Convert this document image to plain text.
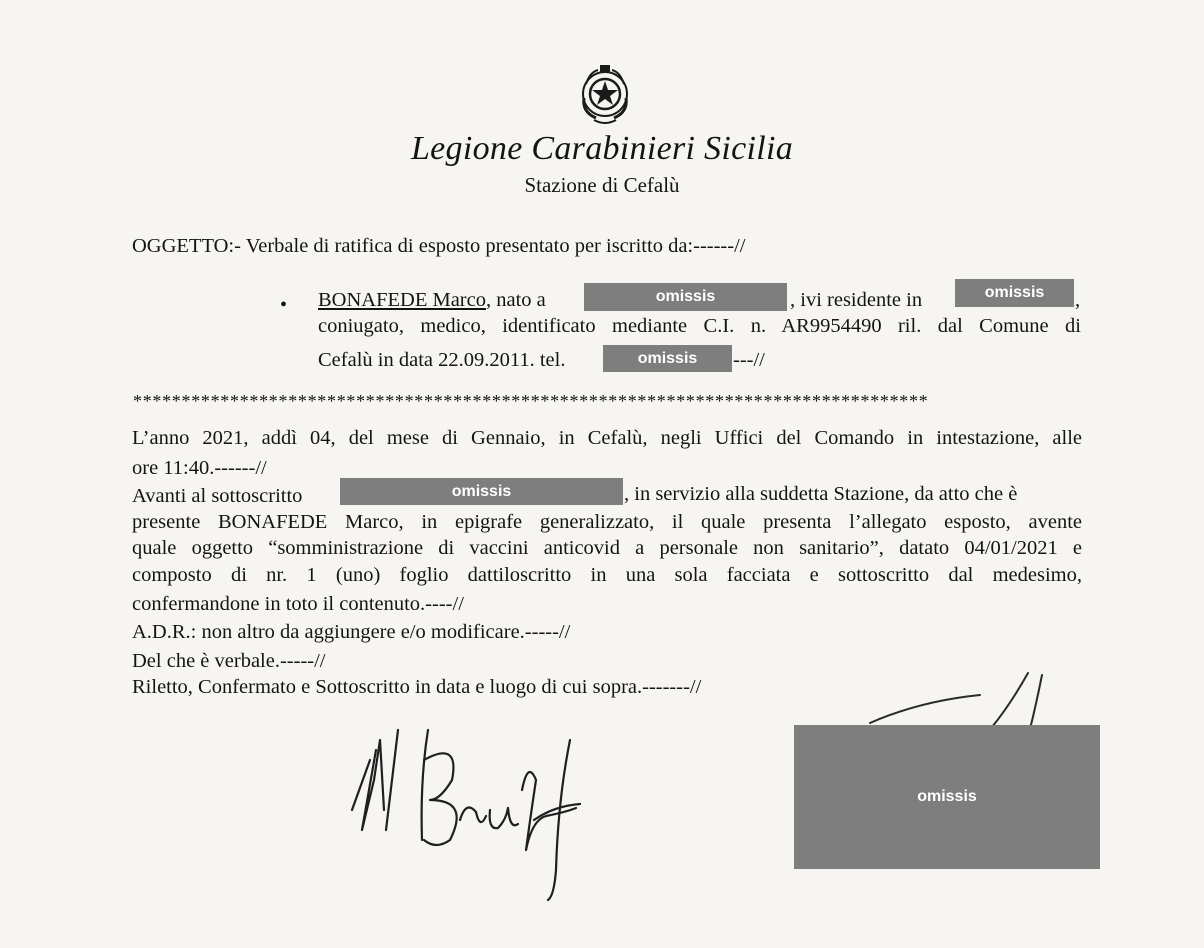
Legione Carabinieri Sicilia
Stazione di Cefalù
OGGETTO:- Verbale di ratifica di esposto presentato per iscritto da:------//
• BONAFEDE Marco, nato a	omissis	, ivi residente in	omissis	,
coniugato, medico, identificato mediante C.I. n. AR9954490 ril. dal Comune di
Cefalù in data 22.09.2011. tel.	omissis	---//
**********************************************************************************
L’anno 2021, addì 04, del mese di Gennaio, in Cefalù, negli Uffici del Comando in intestazione, alle
ore 11:40.------//
Avanti al sottoscritto	omissis	, in servizio alla suddetta Stazione, da atto che è
presente BONAFEDE Marco, in epigrafe generalizzato, il quale presenta l’allegato esposto, avente
quale oggetto “somministrazione di vaccini anticovid a personale non sanitario”, datato 04/01/2021 e
composto di nr. 1 (uno) foglio dattiloscritto in una sola facciata e sottoscritto dal medesimo,
confermandone in toto il contenuto.----//
A.D.R.: non altro da aggiungere e/o modificare.-----//
Del che è verbale.-----//
Riletto, Confermato e Sottoscritto in data e luogo di cui sopra.-------//
omissis
